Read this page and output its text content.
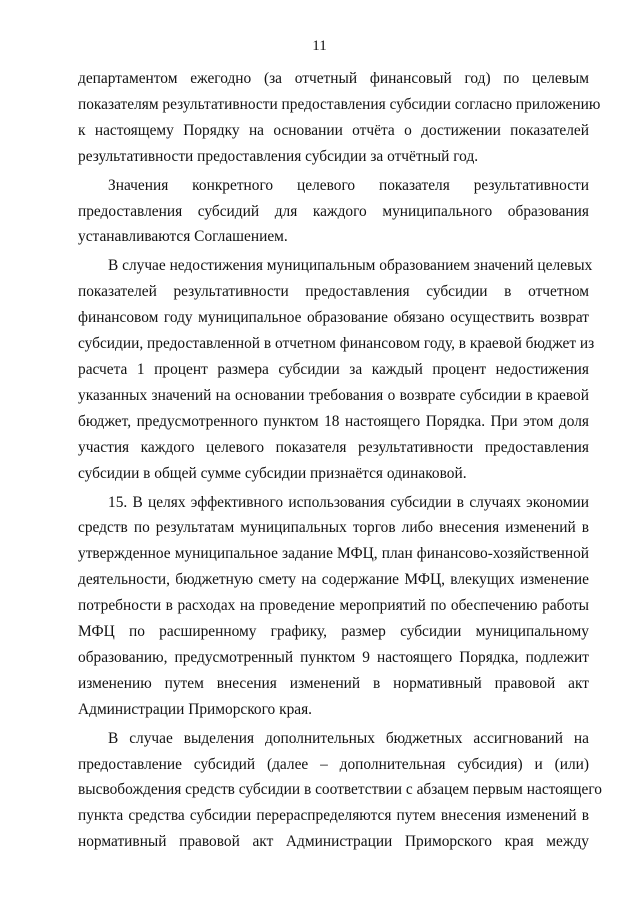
11

департаментом ежегодно (за отчетный финансовый год) по целевым
показателям результативности предоставления субсидии согласно приложению
к настоящему Порядку на основании отчёта о достижении показателей
результативности предоставления субсидии за отчётный год.

Значения конкретного целевого показателя результативности
предоставления субсидий для каждого муниципального образования
устанавливаются Соглашением.

В случае недостижения муниципальным образованием значений целевых
показателей результативности предоставления субсидии в отчетном
финансовом году муниципальное образование обязано осуществить возврат
субсидии, предоставленной в отчетном финансовом году, в краевой бюджет из
расчета 1 процент размера субсидии за каждый процент недостижения
указанных значений на основании требования о возврате субсидии в краевой
бюджет, предусмотренного пунктом 18 настоящего Порядка. При этом доля
участия каждого целевого показателя результативности предоставления
субсидии в общей сумме субсидии признаётся одинаковой.

15. В целях эффективного использования субсидии в случаях экономии
средств по результатам муниципальных торгов либо внесения изменений в
утвержденное муниципальное задание МФЦ, план финансово-хозяйственной
деятельности, бюджетную смету на содержание МФЦ, влекущих изменение
потребности в расходах на проведение мероприятий по обеспечению работы
МФЦ по расширенному графику, размер субсидии муниципальному
образованию, предусмотренный пунктом 9 настоящего Порядка, подлежит
изменению путем внесения изменений в нормативный правовой акт
Администрации Приморского края.

В случае выделения дополнительных бюджетных ассигнований на
предоставление субсидий (далее – дополнительная субсидия) и (или)
высвобождения средств субсидии в соответствии с абзацем первым настоящего
пункта средства субсидии перераспределяются путем внесения изменений в
нормативный правовой акт Администрации Приморского края между
